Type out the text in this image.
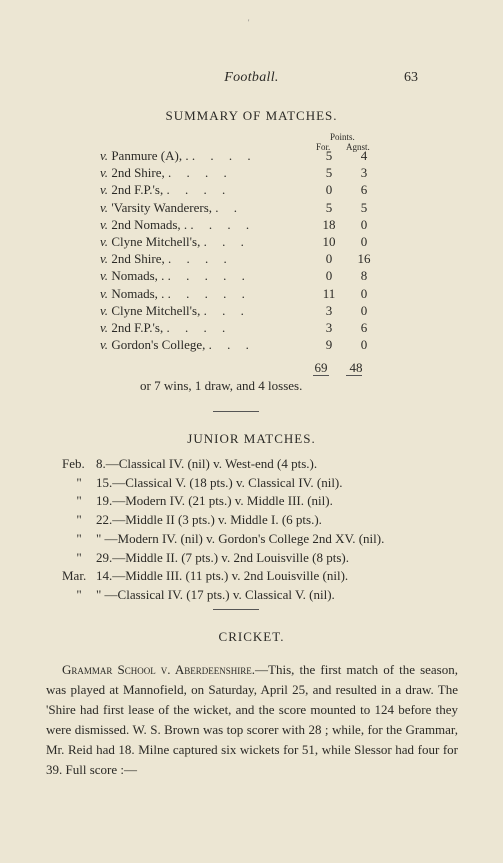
'
Football.	63
SUMMARY OF MATCHES.
Points.
For. Agnst.
v. Panmure (A), . . . . .	5	4
v. 2nd Shire, . . . .	5	3
v. 2nd F.P.'s, . . . .	0	6
v. 'Varsity Wanderers, . .	5	5
v. 2nd Nomads, . . . . .	18	0
v. Clyne Mitchell's, . . .	10	0
v. 2nd Shire, . . . .	0	16
v. Nomads, . . . . . .	0	8
v. Nomads, . . . . . .	11	0
v. Clyne Mitchell's, . . .	3	0
v. 2nd F.P.'s, . . . .	3	6
v. Gordon's College, . . .	9	0
69	48
or 7 wins, 1 draw, and 4 losses.
JUNIOR MATCHES.
Feb. 8.—Classical IV. (nil) v. West-end (4 pts.).
"	15.—Classical V. (18 pts.) v. Classical IV. (nil).
"	19.—Modern IV. (21 pts.) v. Middle III. (nil).
"	22.—Middle II (3 pts.) v. Middle I. (6 pts.).
"	" —Modern IV. (nil) v. Gordon's College 2nd XV. (nil).
"	29.—Middle II. (7 pts.) v. 2nd Louisville (8 pts).
Mar. 14.—Middle III. (11 pts.) v. 2nd Louisville (nil).
"	" —Classical IV. (17 pts.) v. Classical V. (nil).
CRICKET.
Grammar School v. Aberdeenshire.—This, the first match of the season, was played at Mannofield, on Saturday, April 25, and resulted in a draw. The 'Shire had first lease of the wicket, and the score mounted to 124 before they were dismissed. W. S. Brown was top scorer with 28 ; while, for the Grammar, Mr. Reid had 18. Milne captured six wickets for 51, while Slessor had four for 39. Full score :—
